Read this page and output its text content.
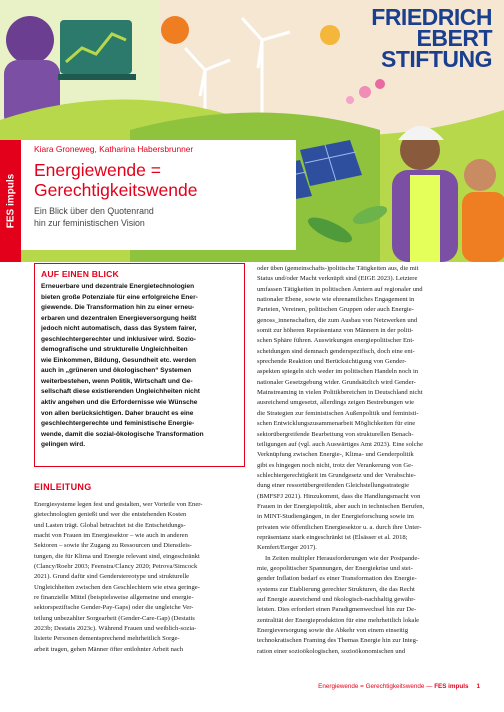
FRIEDRICH
EBERT
STIFTUNG
FES impuls
Kiara Groneweg, Katharina Habersbrunner
Energiewende =
Gerechtigkeitswende
Ein Blick über den Quotenrand
hin zur feministischen Vision
AUF EINEN BLICK
Erneuerbare und dezentrale Energietechnologien
bieten große Potenziale für eine erfolgreiche Ener-
giewende. Die Transformation hin zu einer erneu-
erbaren und dezentralen Energieversorgung heißt
jedoch nicht automatisch, dass das System fairer,
geschlechtergerechter und inklusiver wird. Sozio-
demografische und strukturelle Ungleichheiten
wie Einkommen, Bildung, Gesundheit etc. werden
auch in „grüneren und ökologischen“ Systemen
weiterbestehen, wenn Politik, Wirtschaft und Ge-
sellschaft diese existierenden Ungleichheiten nicht
aktiv angehen und die Erfordernisse wie Wünsche
von allen berücksichtigen. Daher braucht es eine
geschlechtergerechte und feministische Energie-
wende, damit die sozial-ökologische Transformation
gelingen wird.
EINLEITUNG
Energiesysteme legen fest und gestalten, wer Vorteile von Ener-
gietechnologien genießt und wer die entstehenden Kosten
und Lasten trägt. Global betrachtet ist die Entscheidungs-
macht von Frauen im Energiesektor – wie auch in anderen
Sektoren – sowie ihr Zugang zu Ressourcen und Dienstleis-
tungen, die für Klima und Energie relevant sind, eingeschränkt
(Clancy/Roehr 2003; Feenstra/Clancy 2020; Petrova/Simcock
2021). Grund dafür sind Genderstereotype und strukturelle
Ungleichheiten zwischen den Geschlechtern wie etwa geringe-
re finanzielle Mittel (beispielsweise allgemeine und energie-
sektorspezifische Gender-Pay-Gaps) oder die ungleiche Ver-
teilung unbezahlter Sorgearbeit (Gender-Care-Gap) (Destatis
2023b; Destatis 2023c). Während Frauen und weiblich-sozia-
lisierte Personen dementsprechend mehrheitlich Sorge-
arbeit tragen, gehen Männer öfter entlohnter Arbeit nach
oder üben (gemeinschafts-)politische Tätigkeiten aus, die mit
Status und/oder Macht verknüpft sind (EIGE 2023). Letztere
umfassen Tätigkeiten in politischen Ämtern auf regionaler und
nationaler Ebene, sowie wie ehrenamtliches Engagement in
Parteien, Vereinen, politischen Gruppen oder auch Energie-
genoss_innenschaften, die zum Ausbau von Netzwerken und
somit zur höheren Repräsentanz von Männern in der politi-
schen Sphäre führen. Auswirkungen energiepolitischer Ent-
scheidungen sind demnach genderspezifisch, doch eine ent-
sprechende Reaktion und Berücksichtigung von Gender-
aspekten spiegeln sich weder im politischen Handeln noch in
nationaler Gesetzgebung wider. Grundsätzlich wird Gender-
Mainstreaming in vielen Politikbereichen in Deutschland nicht
ausreichend umgesetzt, allerdings zeigen Bestrebungen wie
die Strategien zur feministischen Außenpolitik und feministi-
schen Entwicklungszusammenarbeit Möglichkeiten für eine
sektorübergreifende Bearbeitung von strukturellen Benach-
teiligungen auf (vgl. auch Auswärtiges Amt 2023). Eine solche
Verknüpfung zwischen Energie-, Klima- und Genderpolitik
gibt es hingegen noch nicht, trotz der Verankerung von Ge-
schlechtergerechtigkeit im Grundgesetz und der Verabschie-
dung einer ressortübergreifenden Gleichstellungsstrategie
(BMFSFJ 2021). Hinzukommt, dass die Handlungsmacht von
Frauen in der Energiepolitik, aber auch in technischen Berufen,
in MINT-Studiengängen, in der Energieforschung sowie im
privaten wie öffentlichen Energiesektor u. a. durch ihre Unter-
repräsentanz stark eingeschränkt ist (Elsässer et al. 2018;
Kemfert/Eerger 2017).
In Zeiten multipler Herausforderungen wie der Postpande-
mie, geopolitischer Spannungen, der Energiekrise und stei-
gender Inflation bedarf es einer Transformation des Energie-
systems zur Etablierung gerechter Strukturen, die das Recht
auf Energie ausreichend und ökologisch-nachhaltig gewähr-
leisten. Dies erfordert einen Paradigmenwechsel hin zur De-
zentralität der Energieproduktion für eine mehrheitlich lokale
Energieversorgung sowie die Abkehr von einem einseitig
technokratischen Framing des Themas Energie hin zur Integ-
ration einer sozioökologischen, sozioökonomischen und
Energiewende = Gerechtigkeitswende — FES impuls 1
